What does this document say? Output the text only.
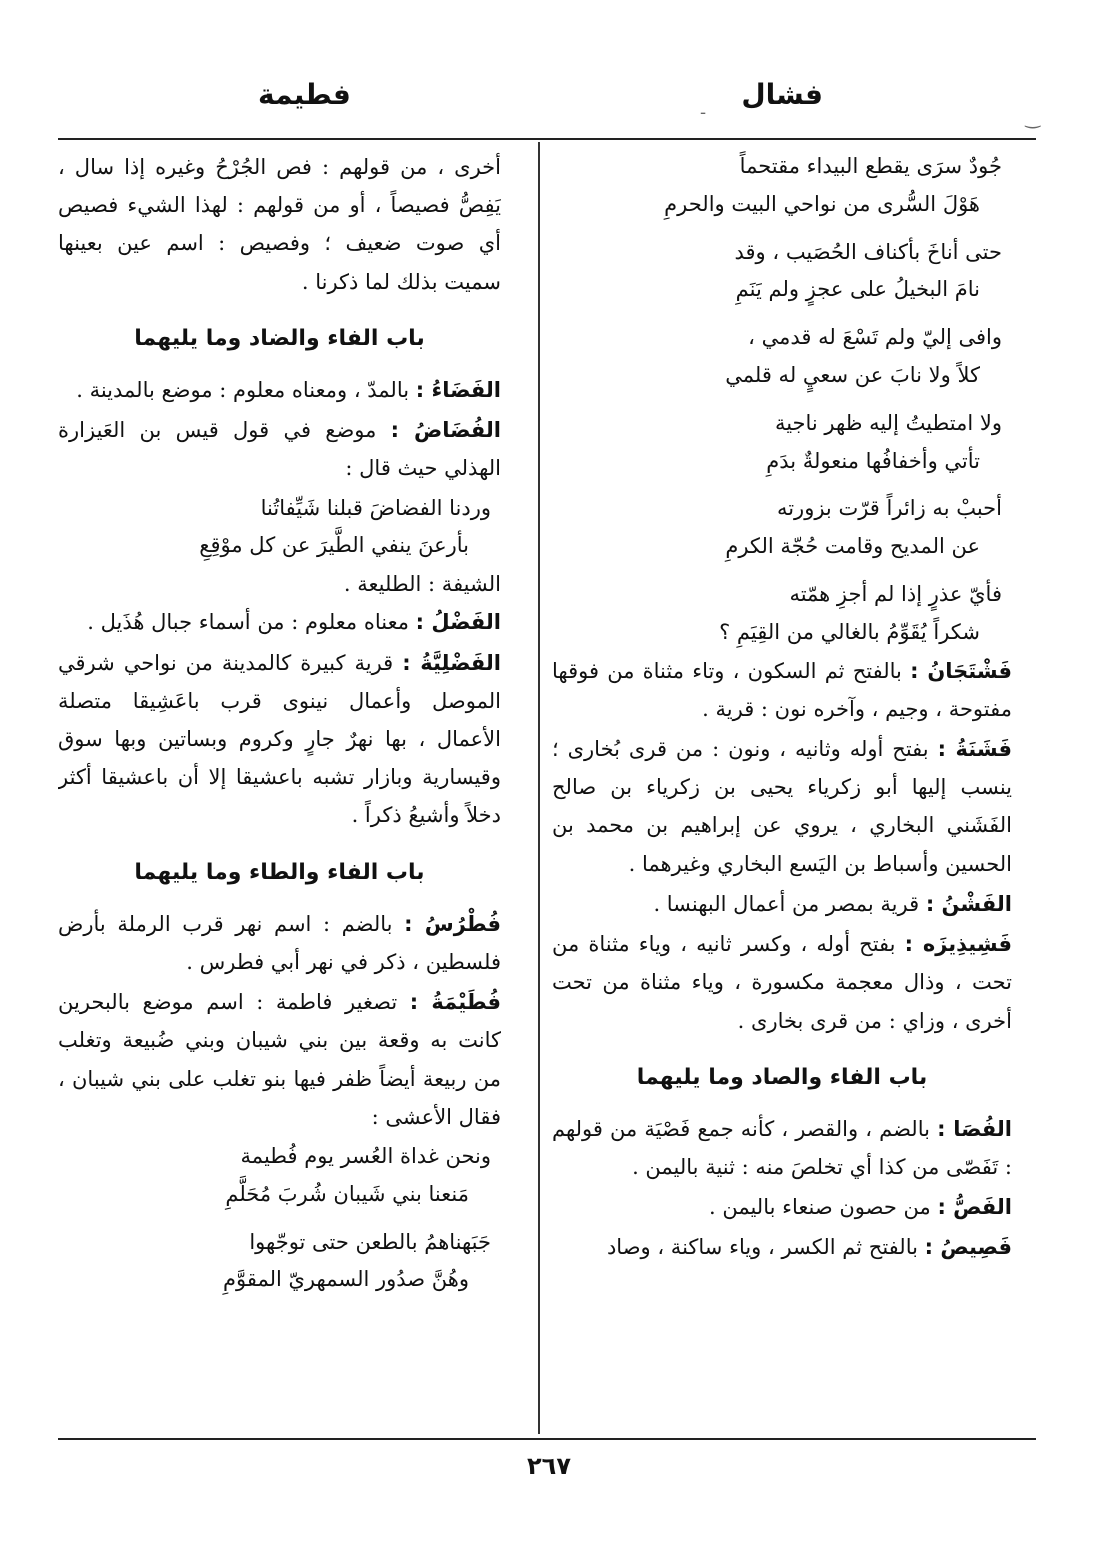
فشال
فطيمة
‿
-
جُودٌ سرَى يقطع البيداء مقتحماً
هَوْلَ السُّرى من نواحي البيت والحرمِ
حتى أناخَ بأكناف الحُصَيب ، وقد
نامَ البخيلُ على عجزٍ ولم يَنَمِ
وافى إليّ ولم تَسْعَ له قدمي ،
كلاً ولا نابَ عن سعيٍ له قلمي
ولا امتطيتُ إليه ظهر ناجية
تأتي وأخفافُها منعولةٌ بدَمِ
أحببْ به زائراً قرّت بزورته
عن المديح وقامت حُجّة الكرمِ
فأيّ عذرٍ إذا لم أجزِ همّته
شكراً يُقَوِّمُ بالغالي من القِيَمِ ؟

فَشْتَجَانُ : بالفتح ثم السكون ، وتاء مثناة من فوقها مفتوحة ، وجيم ، وآخره نون : قرية .

فَشَنَةُ : بفتح أوله وثانيه ، ونون : من قرى بُخارى ؛ ينسب إليها أبو زكرياء يحيى بن زكرياء بن صالح الفَشَني البخاري ، يروي عن إبراهيم بن محمد بن الحسين وأسباط بن اليَسع البخاري وغيرهما .

الفَشْنُ : قرية بمصر من أعمال البهنسا .

فَشِيذِيزَه : بفتح أوله ، وكسر ثانيه ، وياء مثناة من تحت ، وذال معجمة مكسورة ، وياء مثناة من تحت أخرى ، وزاي : من قرى بخارى .

باب الفاء والصاد وما يليهما

الفُصَا : بالضم ، والقصر ، كأنه جمع فَصْيَة من قولهم : تَفَصّى من كذا أي تخلصَ منه : ثنية باليمن .

الفَصُّ : من حصون صنعاء باليمن .

فَصِيصُ : بالفتح ثم الكسر ، وياء ساكنة ، وصاد

أخرى ، من قولهم : فص الجُرْحُ وغيره إذا سال ، يَفِصُّ فصيصاً ، أو من قولهم : لهذا الشيء فصيص أي صوت ضعيف ؛ وفصيص : اسم عين بعينها سميت بذلك لما ذكرنا .

باب الفاء والضاد وما يليهما

الفَضَاءُ : بالمدّ ، ومعناه معلوم : موضع بالمدينة .

الفُضَاضُ : موضع في قول قيس بن العَيزارة الهذلي حيث قال :

وردنا الفضاضَ قبلنا شَيِّفاتُنا
بأرعنَ ينفي الطَّيرَ عن كل موْقِعِ

الشيفة : الطليعة .

الفَضْلُ : معناه معلوم : من أسماء جبال هُذَيل .

الفَضْلِيَّةُ : قرية كبيرة كالمدينة من نواحي شرقي الموصل وأعمال نينوى قرب باعَشِيقا متصلة الأعمال ، بها نهرٌ جارٍ وكروم وبساتين وبها سوق وقيسارية وبازار تشبه باعشيقا إلا أن باعشيقا أكثر دخلاً وأشيعُ ذكراً .

باب الفاء والطاء وما يليهما

فُطْرُسُ : بالضم : اسم نهر قرب الرملة بأرض فلسطين ، ذكر في نهر أبي فطرس .

فُطَيْمَةُ : تصغير فاطمة : اسم موضع بالبحرين كانت به وقعة بين بني شيبان وبني ضُبيعة وتغلب من ربيعة أيضاً ظفر فيها بنو تغلب على بني شيبان ، فقال الأعشى :

ونحن غداة العُسر يوم فُطيمة
مَنعنا بني شَيبان شُربَ مُحَلَّمِ
جَبَهناهمُ بالطعن حتى توجّهوا
وهُنَّ صدُور السمهريّ المقوَّمِ
٢٦٧
